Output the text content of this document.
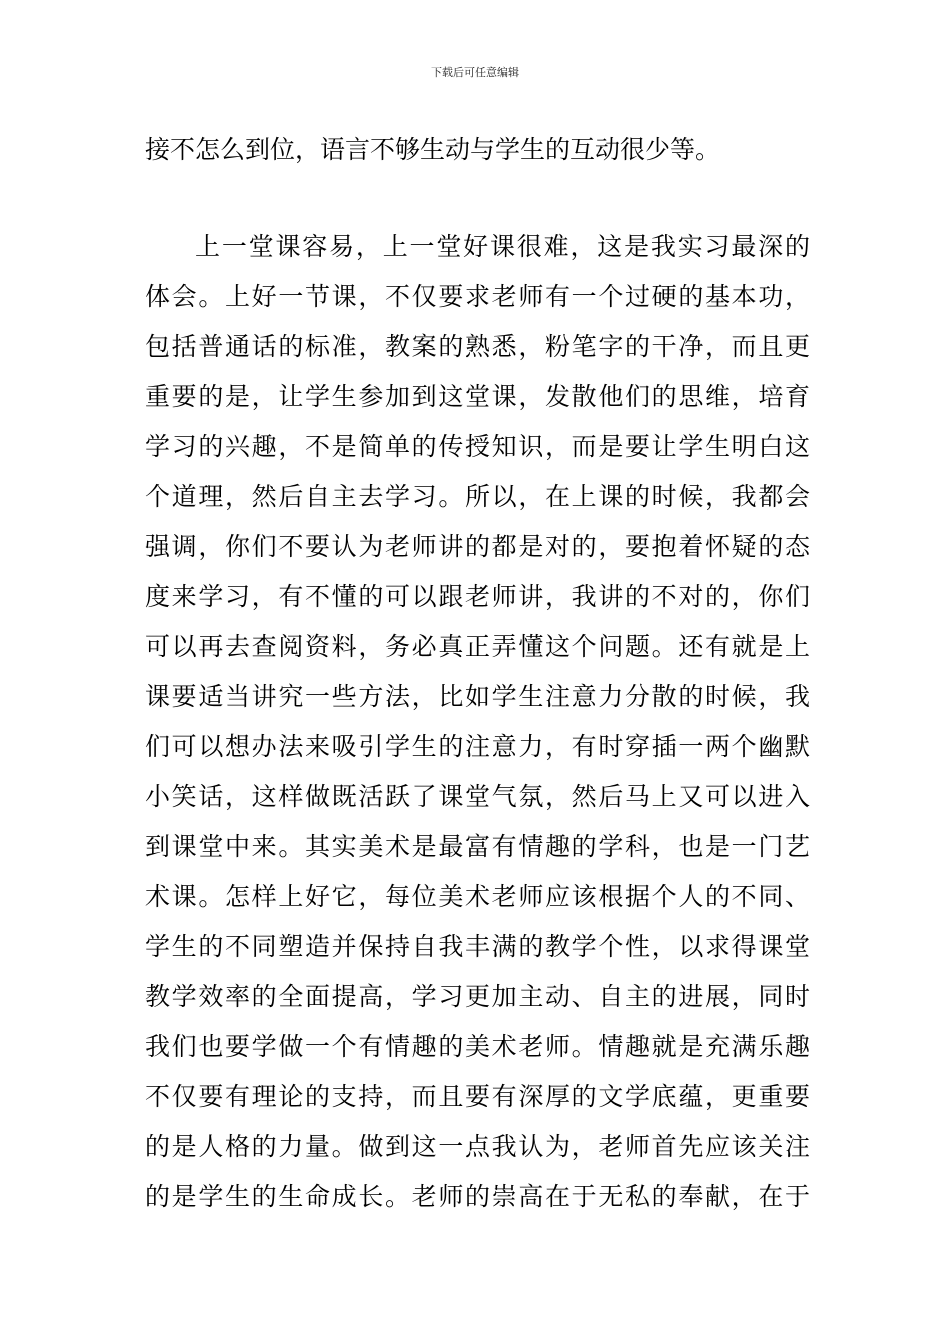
下载后可任意编辑
接不怎么到位，语言不够生动与学生的互动很少等。
上一堂课容易，上一堂好课很难，这是我实习最深的
体会。上好一节课，不仅要求老师有一个过硬的基本功，
包括普通话的标准，教案的熟悉，粉笔字的干净，而且更
重要的是，让学生参加到这堂课，发散他们的思维，培育
学习的兴趣，不是简单的传授知识，而是要让学生明白这
个道理，然后自主去学习。所以，在上课的时候，我都会
强调，你们不要认为老师讲的都是对的，要抱着怀疑的态
度来学习，有不懂的可以跟老师讲，我讲的不对的，你们
可以再去查阅资料，务必真正弄懂这个问题。还有就是上
课要适当讲究一些方法，比如学生注意力分散的时候，我
们可以想办法来吸引学生的注意力，有时穿插一两个幽默
小笑话，这样做既活跃了课堂气氛，然后马上又可以进入
到课堂中来。其实美术是最富有情趣的学科，也是一门艺
术课。怎样上好它，每位美术老师应该根据个人的不同、
学生的不同塑造并保持自我丰满的教学个性，以求得课堂
教学效率的全面提高，学习更加主动、自主的进展，同时
我们也要学做一个有情趣的美术老师。情趣就是充满乐趣
不仅要有理论的支持，而且要有深厚的文学底蕴，更重要
的是人格的力量。做到这一点我认为，老师首先应该关注
的是学生的生命成长。老师的崇高在于无私的奉献，在于
